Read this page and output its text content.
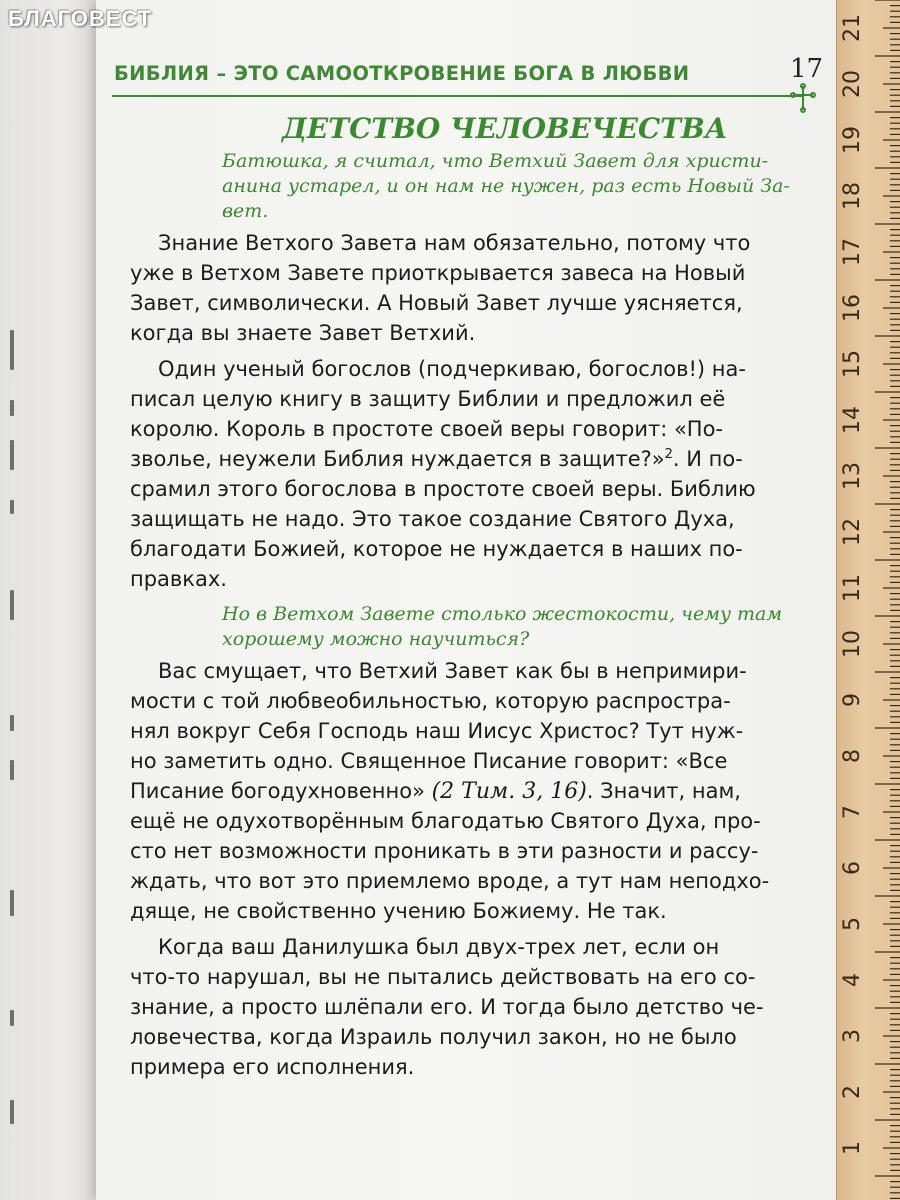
БЛАГОВЕСТ
БИБЛИЯ – ЭТО САМООТКРОВЕНИЕ БОГА В ЛЮБВИ	17
ДЕТСТВО ЧЕЛОВЕЧЕСТВА
Батюшка, я считал, что Ветхий Завет для христи-
анина устарел, и он нам не нужен, раз есть Новый За-
вет.
Знание Ветхого Завета нам обязательно, потому что
уже в Ветхом Завете приоткрывается завеса на Новый
Завет, символически. А Новый Завет лучше уясняется,
когда вы знаете Завет Ветхий.
Один ученый богослов (подчеркиваю, богослов!) на-
писал целую книгу в защиту Библии и предложил её
королю. Король в простоте своей веры говорит: «По-
зволье, неужели Библия нуждается в защите?»$^2$. И по-
срамил этого богослова в простоте своей веры. Библию
защищать не надо. Это такое создание Святого Духа,
благодати Божией, которое не нуждается в наших по-
правках.
Но в Ветхом Завете столько жестокости, чему там
хорошему можно научиться?
Вас смущает, что Ветхий Завет как бы в непримири-
мости с той любвеобильностью, которую распростра-
нял вокруг Себя Господь наш Иисус Христос? Тут нуж-
но заметить одно. Священное Писание говорит: «Все
Писание богодухновенно» (2 Тим. 3, 16). Значит, нам,
ещё не одухотворённым благодатью Святого Духа, про-
сто нет возможности проникать в эти разности и рассу-
ждать, что вот это приемлемо вроде, а тут нам неподхо-
дяще, не свойственно учению Божиему. Не так.
Когда ваш Данилушка был двух-трех лет, если он
что-то нарушал, вы не пытались действовать на его со-
знание, а просто шлёпали его. И тогда было детство че-
ловечества, когда Израиль получил закон, но не было
примера его исполнения.
21
20
19
18
17
16
15
14
13
12
11
10
9
8
7
6
5
4
3
2
1
